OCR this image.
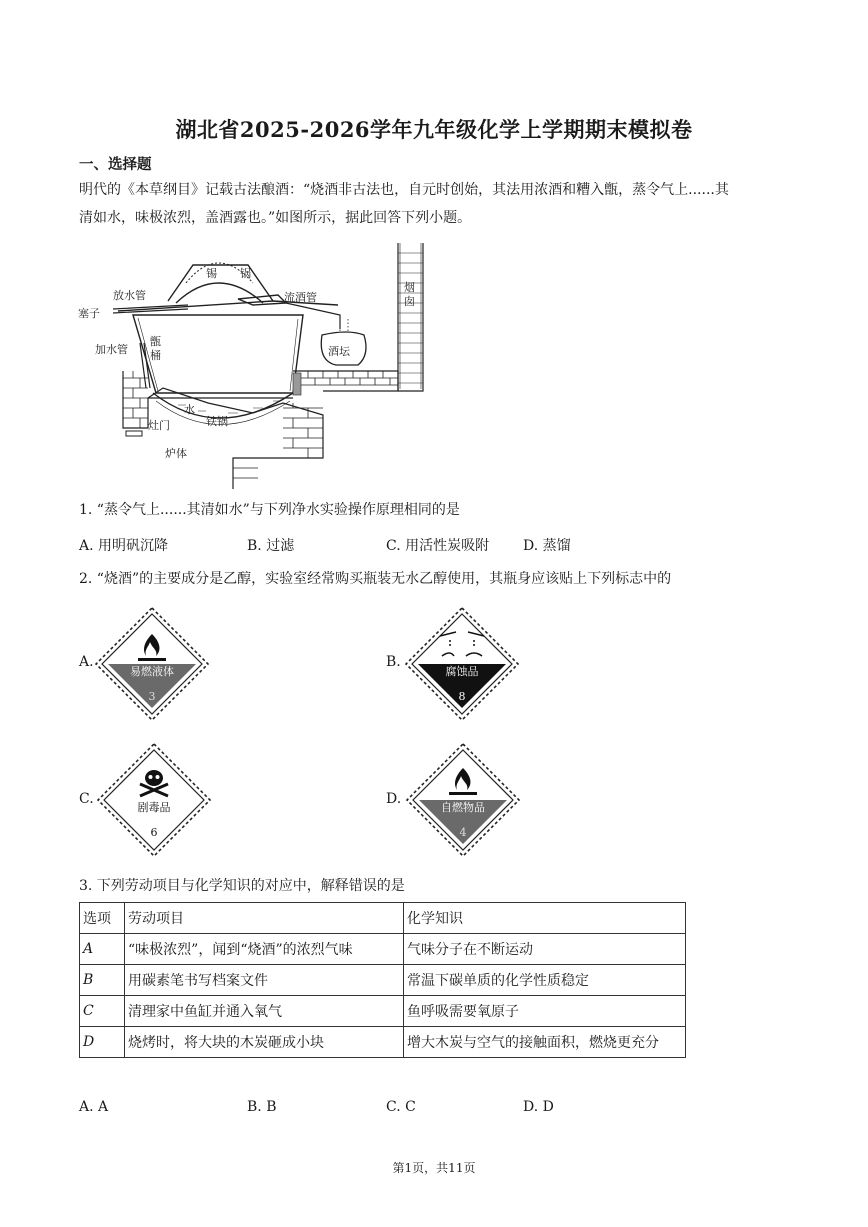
湖北省2025-2026学年九年级化学上学期期末模拟卷
一、选择题
明代的《本草纲目》记载古法酿酒：“烧酒非古法也，自元时创始，其法用浓酒和糟入甑，蒸令气上......其
清如水，味极浓烈，盖酒露也。”如图所示，据此回答下列小题。
锡 锅
放水管	流酒管
塞子
加水管
甑
桶	酒坛
烟
囱
水
铁锅
灶门
炉体
1. “蒸令气上......其清如水”与下列净水实验操作原理相同的是
A. 用明矾沉降	B. 过滤	C. 用活性炭吸附 D. 蒸馏
2. “烧酒”的主要成分是乙醇，实验室经常购买瓶装无水乙醇使用，其瓶身应该贴上下列标志中的
A.
易燃液体
3
B.
腐蚀品
8
C.
剧毒品
6
D.
自燃物品
4
3. 下列劳动项目与化学知识的对应中，解释错误的是
选项	劳动项目	化学知识
A	“味极浓烈”，闻到“烧酒”的浓烈气味	气味分子在不断运动
B	用碳素笔书写档案文件	常温下碳单质的化学性质稳定
C	清理家中鱼缸并通入氧气	鱼呼吸需要氧原子
D	烧烤时，将大块的木炭砸成小块	增大木炭与空气的接触面积，燃烧更充分
A. A	B. B	C. C	D. D
第1页，共11页
